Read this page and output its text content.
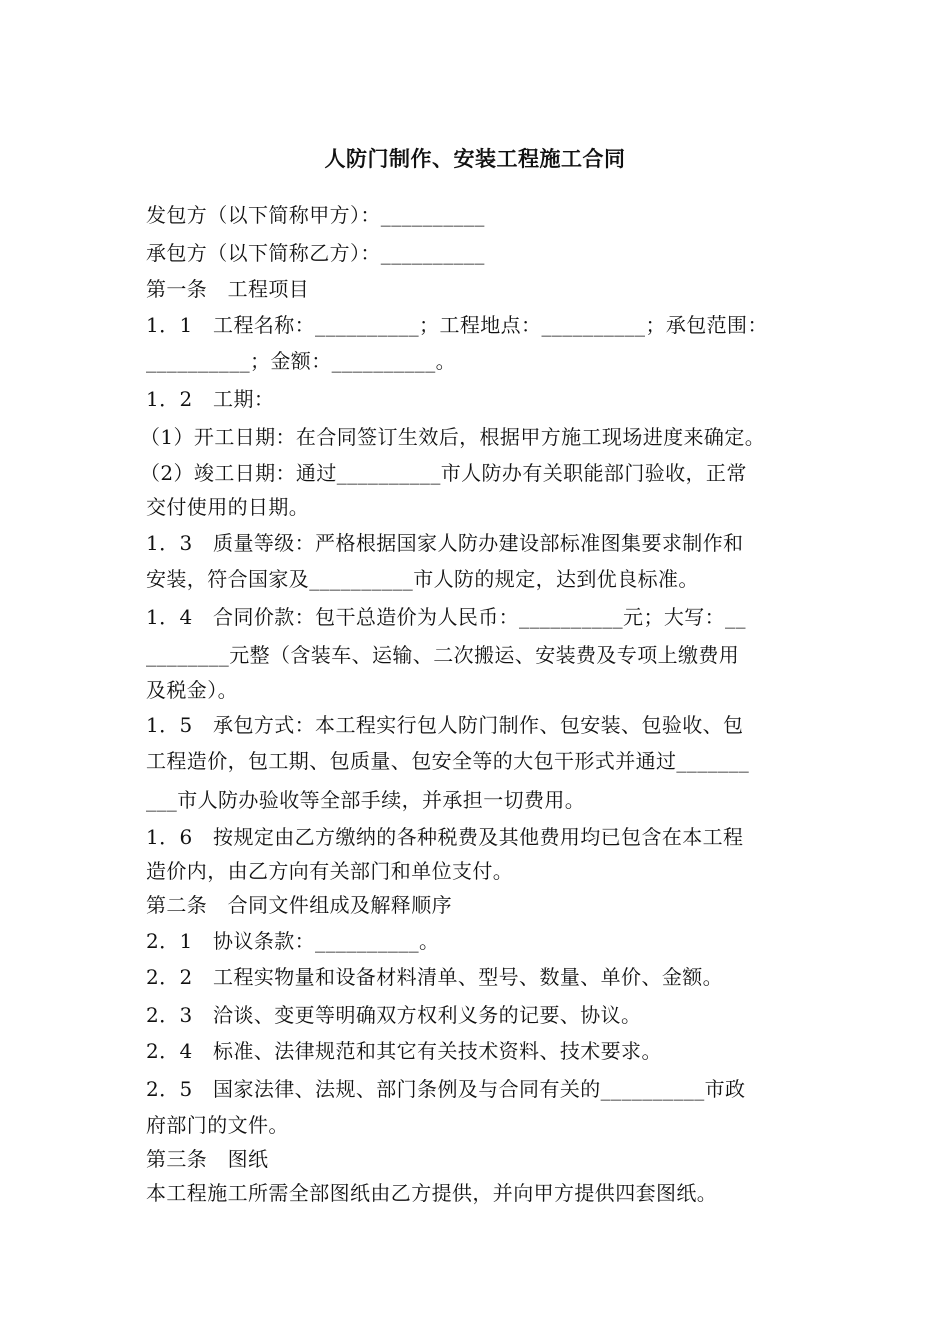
人防门制作、安装工程施工合同
发包方（以下简称甲方）：__________
承包方（以下简称乙方）：__________
第一条　工程项目
1．1　工程名称：__________；工程地点：__________；承包范围：
__________；金额：__________。
1．2　工期：
（1）开工日期：在合同签订生效后，根据甲方施工现场进度来确定。
（2）竣工日期：通过__________市人防办有关职能部门验收，正常
交付使用的日期。
1．3　质量等级：严格根据国家人防办建设部标准图集要求制作和
安装，符合国家及__________市人防的规定，达到优良标准。
1．4　合同价款：包干总造价为人民币：__________元；大写：__
________元整（含装车、运输、二次搬运、安装费及专项上缴费用
及税金）。
1．5　承包方式：本工程实行包人防门制作、包安装、包验收、包
工程造价，包工期、包质量、包安全等的大包干形式并通过_______
___市人防办验收等全部手续，并承担一切费用。
1．6　按规定由乙方缴纳的各种税费及其他费用均已包含在本工程
造价内，由乙方向有关部门和单位支付。
第二条　合同文件组成及解释顺序
2．1　协议条款：__________。
2．2　工程实物量和设备材料清单、型号、数量、单价、金额。
2．3　洽谈、变更等明确双方权利义务的记要、协议。
2．4　标准、法律规范和其它有关技术资料、技术要求。
2．5　国家法律、法规、部门条例及与合同有关的__________市政
府部门的文件。
第三条　图纸
本工程施工所需全部图纸由乙方提供，并向甲方提供四套图纸。
